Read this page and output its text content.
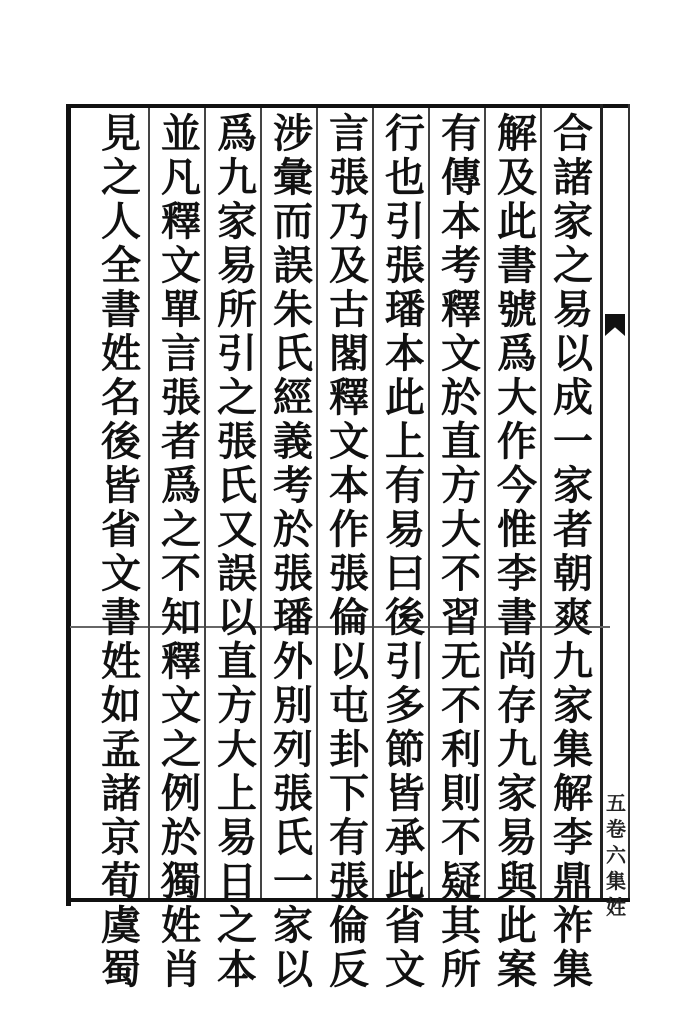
合
諸
家
之
易
以
成
一
家
者
朝
爽
九
家
集
解
李
鼎
祚
集
解
及
此
書
號
爲
大
作
今
惟
李
書
尚
存
九
家
易
與
此
案
有
傳
本
考
釋
文
於
直
方
大
不
習
无
不
利
則
不
疑
其
所
行
也
引
張
璠
本
此
上
有
易
曰
後
引
多
節
皆
承
此
省
文
言
張
乃
及
古
閣
釋
文
本
作
張
倫
以
屯
卦
下
有
張
倫
反
涉
彙
而
誤
朱
氏
經
義
考
於
張
璠
外
別
列
張
氏
一
家
以
爲
九
家
易
所
引
之
張
氏
又
誤
以
直
方
大
上
易
日
之
本
並
凡
釋
文
單
言
張
者
爲
之
不
知
釋
文
之
例
於
獨
姓
肖
見
之
人
全
書
姓
名
後
皆
省
文
書
姓
如
孟
諸
京
荀
虞
蜀
五
卷
六
集
姓
